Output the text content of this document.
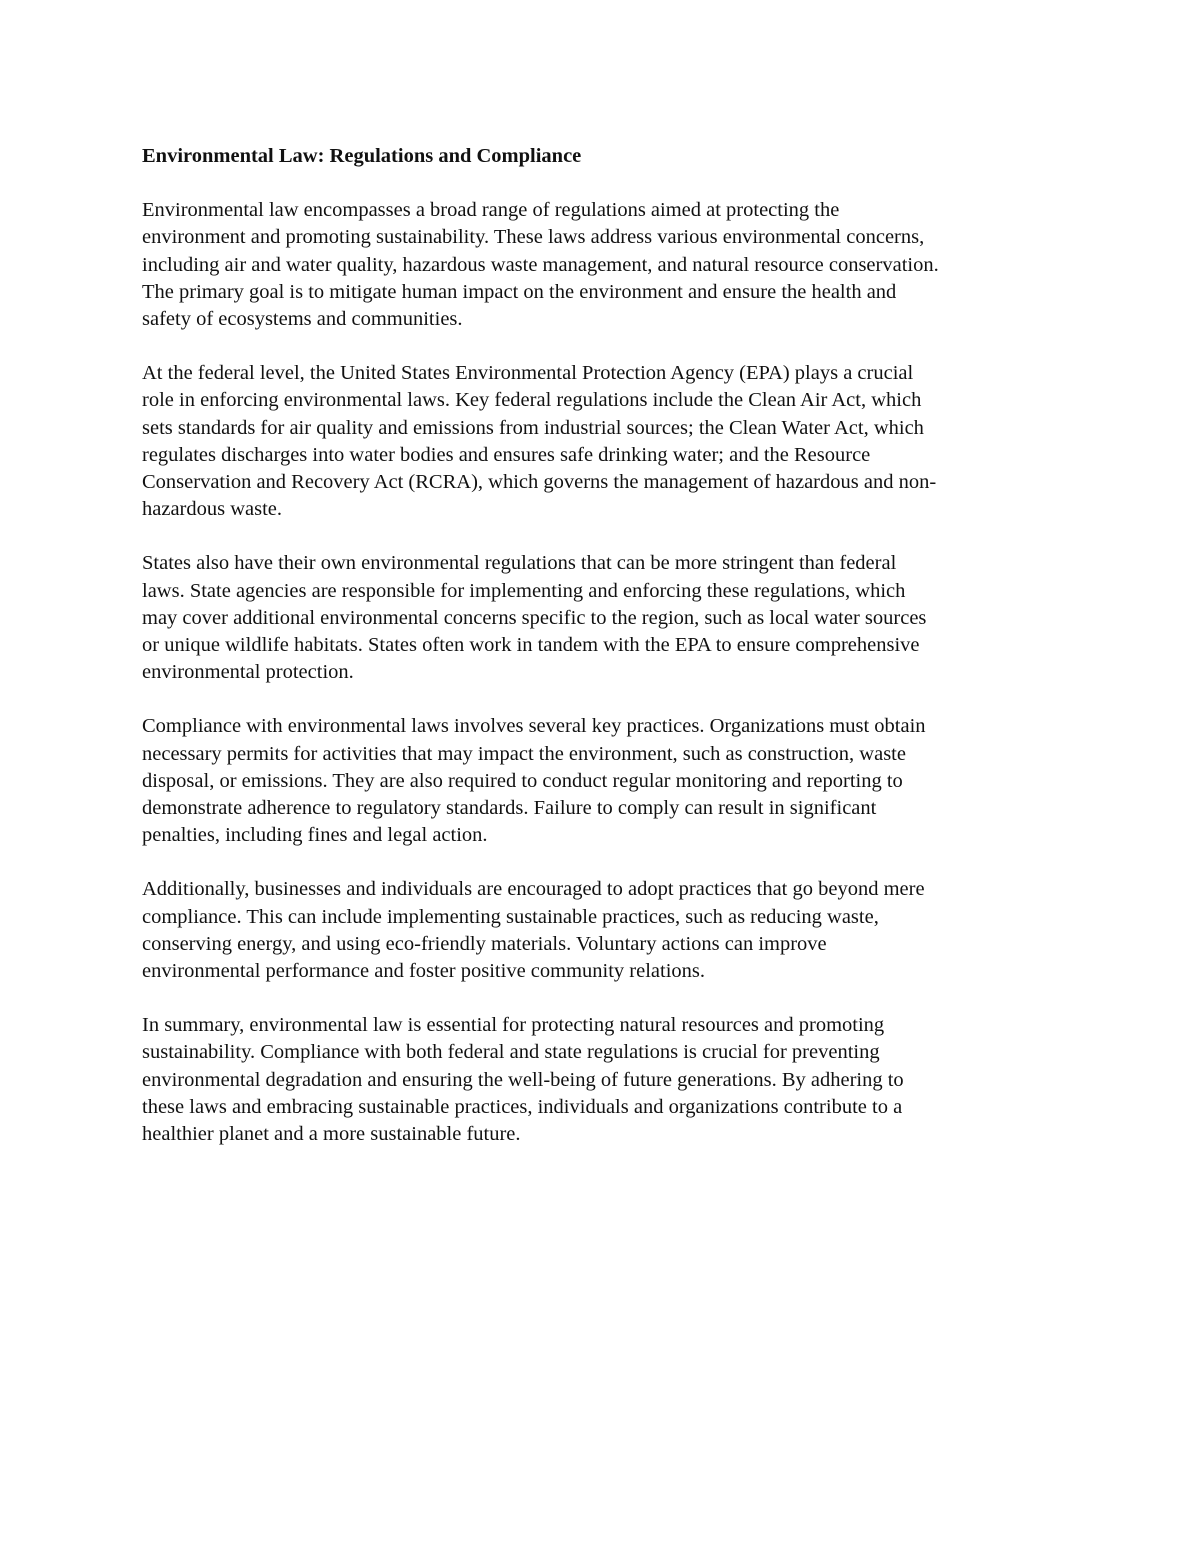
Environmental Law: Regulations and Compliance
Environmental law encompasses a broad range of regulations aimed at protecting the
environment and promoting sustainability. These laws address various environmental concerns,
including air and water quality, hazardous waste management, and natural resource conservation.
The primary goal is to mitigate human impact on the environment and ensure the health and
safety of ecosystems and communities.
At the federal level, the United States Environmental Protection Agency (EPA) plays a crucial
role in enforcing environmental laws. Key federal regulations include the Clean Air Act, which
sets standards for air quality and emissions from industrial sources; the Clean Water Act, which
regulates discharges into water bodies and ensures safe drinking water; and the Resource
Conservation and Recovery Act (RCRA), which governs the management of hazardous and non-
hazardous waste.
States also have their own environmental regulations that can be more stringent than federal
laws. State agencies are responsible for implementing and enforcing these regulations, which
may cover additional environmental concerns specific to the region, such as local water sources
or unique wildlife habitats. States often work in tandem with the EPA to ensure comprehensive
environmental protection.
Compliance with environmental laws involves several key practices. Organizations must obtain
necessary permits for activities that may impact the environment, such as construction, waste
disposal, or emissions. They are also required to conduct regular monitoring and reporting to
demonstrate adherence to regulatory standards. Failure to comply can result in significant
penalties, including fines and legal action.
Additionally, businesses and individuals are encouraged to adopt practices that go beyond mere
compliance. This can include implementing sustainable practices, such as reducing waste,
conserving energy, and using eco-friendly materials. Voluntary actions can improve
environmental performance and foster positive community relations.
In summary, environmental law is essential for protecting natural resources and promoting
sustainability. Compliance with both federal and state regulations is crucial for preventing
environmental degradation and ensuring the well-being of future generations. By adhering to
these laws and embracing sustainable practices, individuals and organizations contribute to a
healthier planet and a more sustainable future.
